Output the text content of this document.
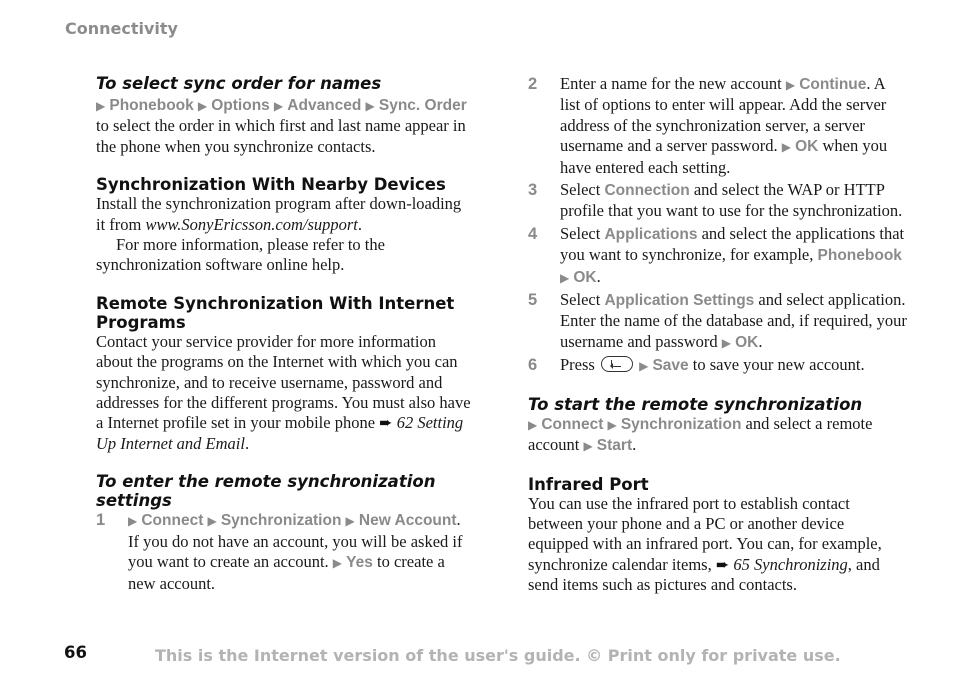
Connectivity
To select sync order for names

▶ Phonebook ▶ Options ▶ Advanced ▶ Sync. Order

to select the order in which first and last name appear in the phone when you synchronize contacts.

Synchronization With Nearby Devices

Install the synchronization program after down-loading it from www.SonyEricsson.com/support.

For more information, please refer to the synchronization software online help.

Remote Synchronization With Internet Programs

Contact your service provider for more information about the programs on the Internet with which you can synchronize, and to receive username, password and addresses for the different programs. You must also have a Internet profile set in your mobile phone ➨ 62 Setting Up Internet and Email.

To enter the remote synchronization settings
1 ▶ Connect ▶ Synchronization ▶ New Account. If you do not have an account, you will be asked if you want to create an account. ▶ Yes to create a new account.

2 Enter a name for the new account ▶ Continue. A list of options to enter will appear. Add the server address of the synchronization server, a server username and a server password. ▶ OK when you have entered each setting.

3 Select Connection and select the WAP or HTTP profile that you want to use for the synchronization.

4 Select Applications and select the applications that you want to synchronize, for example, Phonebook ▶ OK.

5 Select Application Settings and select application. Enter the name of the database and, if required, your username and password ▶ OK.

6 Press	▶ Save to save your new account.

To start the remote synchronization

▶ Connect ▶ Synchronization and select a remote account ▶ Start.

Infrared Port

You can use the infrared port to establish contact between your phone and a PC or another device equipped with an infrared port. You can, for example, synchronize calendar items, ➨ 65 Synchronizing, and send items such as pictures and contacts.

66	This is the Internet version of the user's guide. © Print only for private use.
